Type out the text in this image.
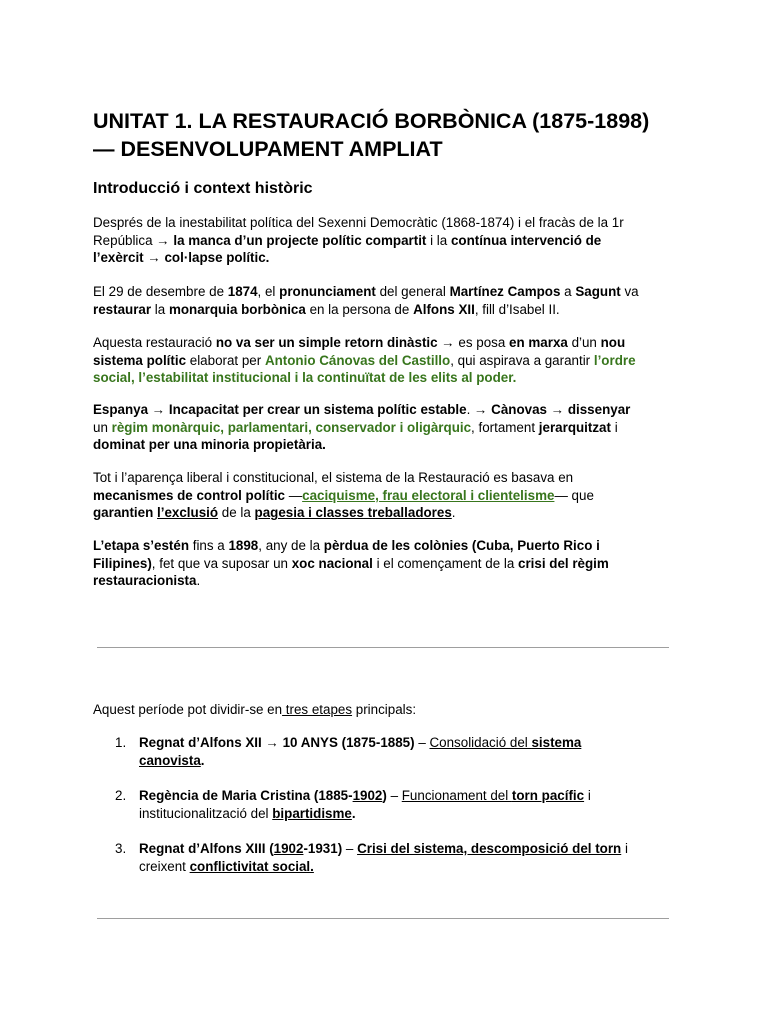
UNITAT 1. LA RESTAURACIÓ BORBÒNICA (1875-1898)
— DESENVOLUPAMENT AMPLIAT
Introducció i context històric

Després de la inestabilitat política del Sexenni Democràtic (1868-1874) i el fracàs de la 1r
República → la manca d’un projecte polític compartit i la contínua intervenció de
l’exèrcit → col·lapse polític.

El 29 de desembre de 1874, el pronunciament del general Martínez Campos a Sagunt va
restaurar la monarquia borbònica en la persona de Alfons XII, fill d’Isabel II.

Aquesta restauració no va ser un simple retorn dinàstic → es posa en marxa d’un nou
sistema polític elaborat per Antonio Cánovas del Castillo, qui aspirava a garantir l’ordre
social, l’estabilitat institucional i la continuïtat de les elits al poder.

Espanya → Incapacitat per crear un sistema polític estable. → Cànovas → dissenyar
un règim monàrquic, parlamentari, conservador i oligàrquic, fortament jerarquitzat i
dominat per una minoria propietària.

Tot i l’aparença liberal i constitucional, el sistema de la Restauració es basava en
mecanismes de control polític —caciquisme, frau electoral i clientelisme— que
garantien l’exclusió de la pagesia i classes treballadores.

L’etapa s’estén fins a 1898, any de la pèrdua de les colònies (Cuba, Puerto Rico i
Filipines), fet que va suposar un xoc nacional i el començament de la crisi del règim
restauracionista.

Aquest període pot dividir-se en tres etapes principals:

1. Regnat d’Alfons XII → 10 ANYS (1875-1885) – Consolidació del sistema
canovista.
2. Regència de Maria Cristina (1885-1902) – Funcionament del torn pacífic i
institucionalització del bipartidisme.
3. Regnat d’Alfons XIII (1902-1931) – Crisi del sistema, descomposició del torn i
creixent conflictivitat social.
